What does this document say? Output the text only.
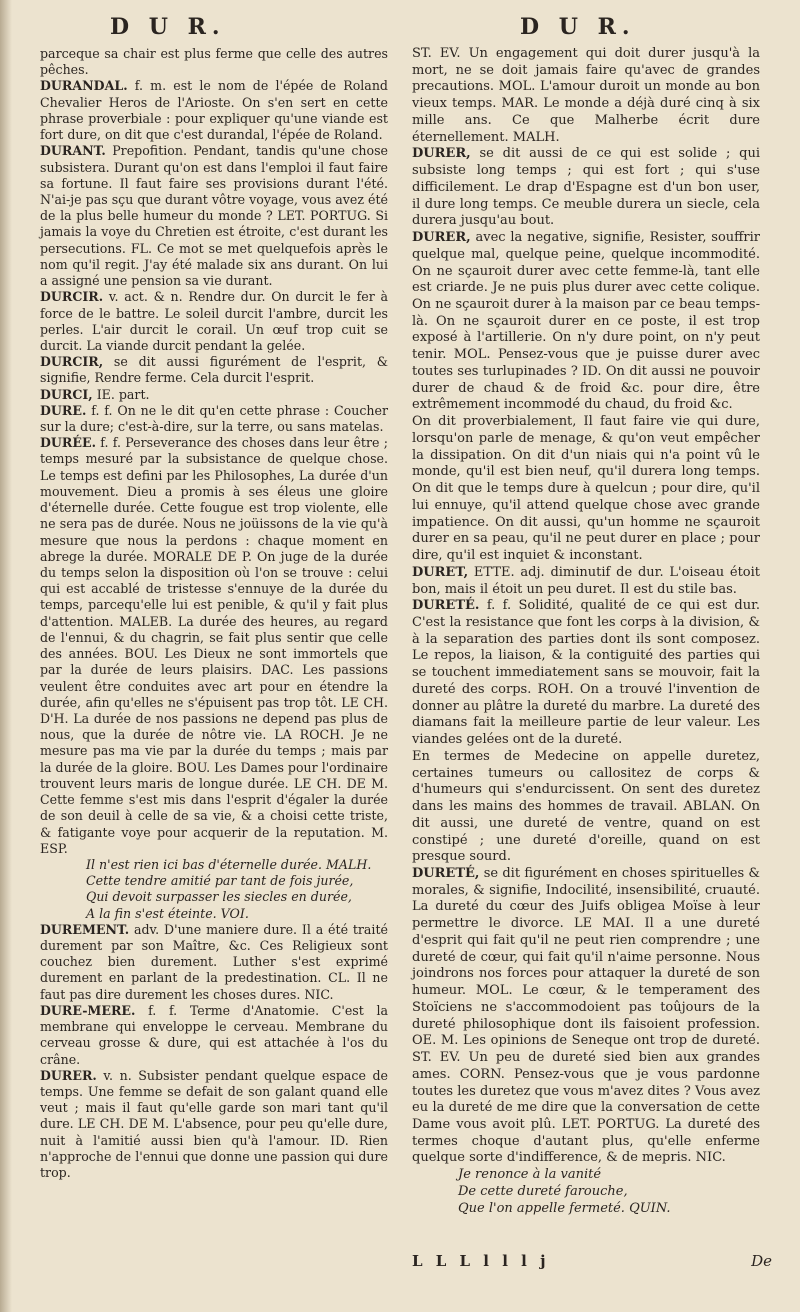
D U R.	D U R.

parceque sa chair est plus ferme que celle des autres pêches.

DURANDAL. f. m. est le nom de l'épée de Roland Chevalier Heros de l'Arioste. On s'en sert en cette phrase proverbiale : pour expliquer qu'une viande est fort dure, on dit que c'est durandal, l'épée de Roland.

DURANT. Prepofition. Pendant, tandis qu'une chose subsistera. Durant qu'on est dans l'emploi il faut faire sa fortune. Il faut faire ses provisions durant l'été. N'ai-je pas sçu que durant vôtre voyage, vous avez été de la plus belle humeur du monde ? LET. PORTUG. Si jamais la voye du Chretien est étroite, c'est durant les persecutions. FL. Ce mot se met quelquefois après le nom qu'il regit. J'ay été malade six ans durant. On lui a assigné une pension sa vie durant.

DURCIR. v. act. & n. Rendre dur. On durcit le fer à force de le battre. Le soleil durcit l'ambre, durcit les perles. L'air durcit le corail. Un œuf trop cuit se durcit. La viande durcit pendant la gelée.

DURCIR, se dit aussi figurément de l'esprit, & signifie, Rendre ferme. Cela durcit l'esprit.

DURCI, IE. part.

DURE. f. f. On ne le dit qu'en cette phrase : Coucher sur la dure; c'est-à-dire, sur la terre, ou sans matelas.

DURÉE. f. f. Perseverance des choses dans leur être ; temps mesuré par la subsistance de quelque chose. Le temps est defini par les Philosophes, La durée d'un mouvement. Dieu a promis à ses éleus une gloire d'éternelle durée. Cette fougue est trop violente, elle ne sera pas de durée. Nous ne joüissons de la vie qu'à mesure que nous la perdons : chaque moment en abrege la durée. MORALE DE P. On juge de la durée du temps selon la disposition où l'on se trouve : celui qui est accablé de tristesse s'ennuye de la durée du temps, parcequ'elle lui est penible, & qu'il y fait plus d'attention. MALEB. La durée des heures, au regard de l'ennui, & du chagrin, se fait plus sentir que celle des années. BOU. Les Dieux ne sont immortels que par la durée de leurs plaisirs. DAC. Les passions veulent être conduites avec art pour en étendre la durée, afin qu'elles ne s'épuisent pas trop tôt. LE CH. D'H. La durée de nos passions ne depend pas plus de nous, que la durée de nôtre vie. LA ROCH. Je ne mesure pas ma vie par la durée du temps ; mais par la durée de la gloire. BOU. Les Dames pour l'ordinaire trouvent leurs maris de longue durée. LE CH. DE M. Cette femme s'est mis dans l'esprit d'égaler la durée de son deuil à celle de sa vie, & a choisi cette triste, & fatigante voye pour acquerir de la reputation. M. ESP.

Il n'est rien ici bas d'éternelle durée. MALH.

Cette tendre amitié par tant de fois jurée,

Qui devoit surpasser les siecles en durée,

A la fin s'est éteinte. VOI.

DUREMENT. adv. D'une maniere dure. Il a été traité durement par son Maître, &c. Ces Religieux sont couchez bien durement. Luther s'est exprimé durement en parlant de la predestination. CL. Il ne faut pas dire durement les choses dures. NIC.

DURE-MERE. f. f. Terme d'Anatomie. C'est la membrane qui enveloppe le cerveau. Membrane du cerveau grosse & dure, qui est attachée à l'os du crâne.

DURER. v. n. Subsister pendant quelque espace de temps. Une femme se defait de son galant quand elle veut ; mais il faut qu'elle garde son mari tant qu'il dure. LE CH. DE M. L'absence, pour peu qu'elle dure, nuit à l'amitié aussi bien qu'à l'amour. ID. Rien n'approche de l'ennui que donne une passion qui dure trop.

ST. EV. Un engagement qui doit durer jusqu'à la mort, ne se doit jamais faire qu'avec de grandes precautions. MOL. L'amour duroit un monde au bon vieux temps. MAR. Le monde a déjà duré cinq à six mille ans. Ce que Malherbe écrit dure éternellement. MALH.

DURER, se dit aussi de ce qui est solide ; qui subsiste long temps ; qui est fort ; qui s'use difficilement. Le drap d'Espagne est d'un bon user, il dure long temps. Ce meuble durera un siecle, cela durera jusqu'au bout.

DURER, avec la negative, signifie, Resister, souffrir quelque mal, quelque peine, quelque incommodité. On ne sçauroit durer avec cette femme-là, tant elle est criarde. Je ne puis plus durer avec cette colique. On ne sçauroit durer à la maison par ce beau temps-là. On ne sçauroit durer en ce poste, il est trop exposé à l'artillerie. On n'y dure point, on n'y peut tenir. MOL. Pensez-vous que je puisse durer avec toutes ses turlupinades ? ID. On dit aussi ne pouvoir durer de chaud & de froid &c. pour dire, être extrêmement incommodé du chaud, du froid &c.

On dit proverbialement, Il faut faire vie qui dure, lorsqu'on parle de menage, & qu'on veut empêcher la dissipation. On dit d'un niais qui n'a point vû le monde, qu'il est bien neuf, qu'il durera long temps. On dit que le temps dure à quelcun ; pour dire, qu'il lui ennuye, qu'il attend quelque chose avec grande impatience. On dit aussi, qu'un homme ne sçauroit durer en sa peau, qu'il ne peut durer en place ; pour dire, qu'il est inquiet & inconstant.

DURET, ETTE. adj. diminutif de dur. L'oiseau étoit bon, mais il étoit un peu duret. Il est du stile bas.

DURETÉ. f. f. Solidité, qualité de ce qui est dur. C'est la resistance que font les corps à la division, & à la separation des parties dont ils sont composez. Le repos, la liaison, & la contiguité des parties qui se touchent immediatement sans se mouvoir, fait la dureté des corps. ROH. On a trouvé l'invention de donner au plâtre la dureté du marbre. La dureté des diamans fait la meilleure partie de leur valeur. Les viandes gelées ont de la dureté.

En termes de Medecine on appelle duretez, certaines tumeurs ou callositez de corps & d'humeurs qui s'endurcissent. On sent des duretez dans les mains des hommes de travail. ABLAN. On dit aussi, une dureté de ventre, quand on est constipé ; une dureté d'oreille, quand on est presque sourd.

DURETÉ, se dit figurément en choses spirituelles & morales, & signifie, Indocilité, insensibilité, cruauté. La dureté du cœur des Juifs obligea Moïse à leur permettre le divorce. LE MAI. Il a une dureté d'esprit qui fait qu'il ne peut rien comprendre ; une dureté de cœur, qui fait qu'il n'aime personne. Nous joindrons nos forces pour attaquer la dureté de son humeur. MOL. Le cœur, & le temperament des Stoïciens ne s'accommodoient pas toûjours de la dureté philosophique dont ils faisoient profession. OE. M. Les opinions de Seneque ont trop de dureté. ST. EV. Un peu de dureté sied bien aux grandes ames. CORN. Pensez-vous que je vous pardonne toutes les duretez que vous m'avez dites ? Vous avez eu la dureté de me dire que la conversation de cette Dame vous avoit plû. LET. PORTUG. La dureté des termes choque d'autant plus, qu'elle enferme quelque sorte d'indifference, & de mepris. NIC.

Je renonce à la vanité

De cette dureté farouche,

Que l'on appelle fermeté. QUIN.

L L L l l l j	De
